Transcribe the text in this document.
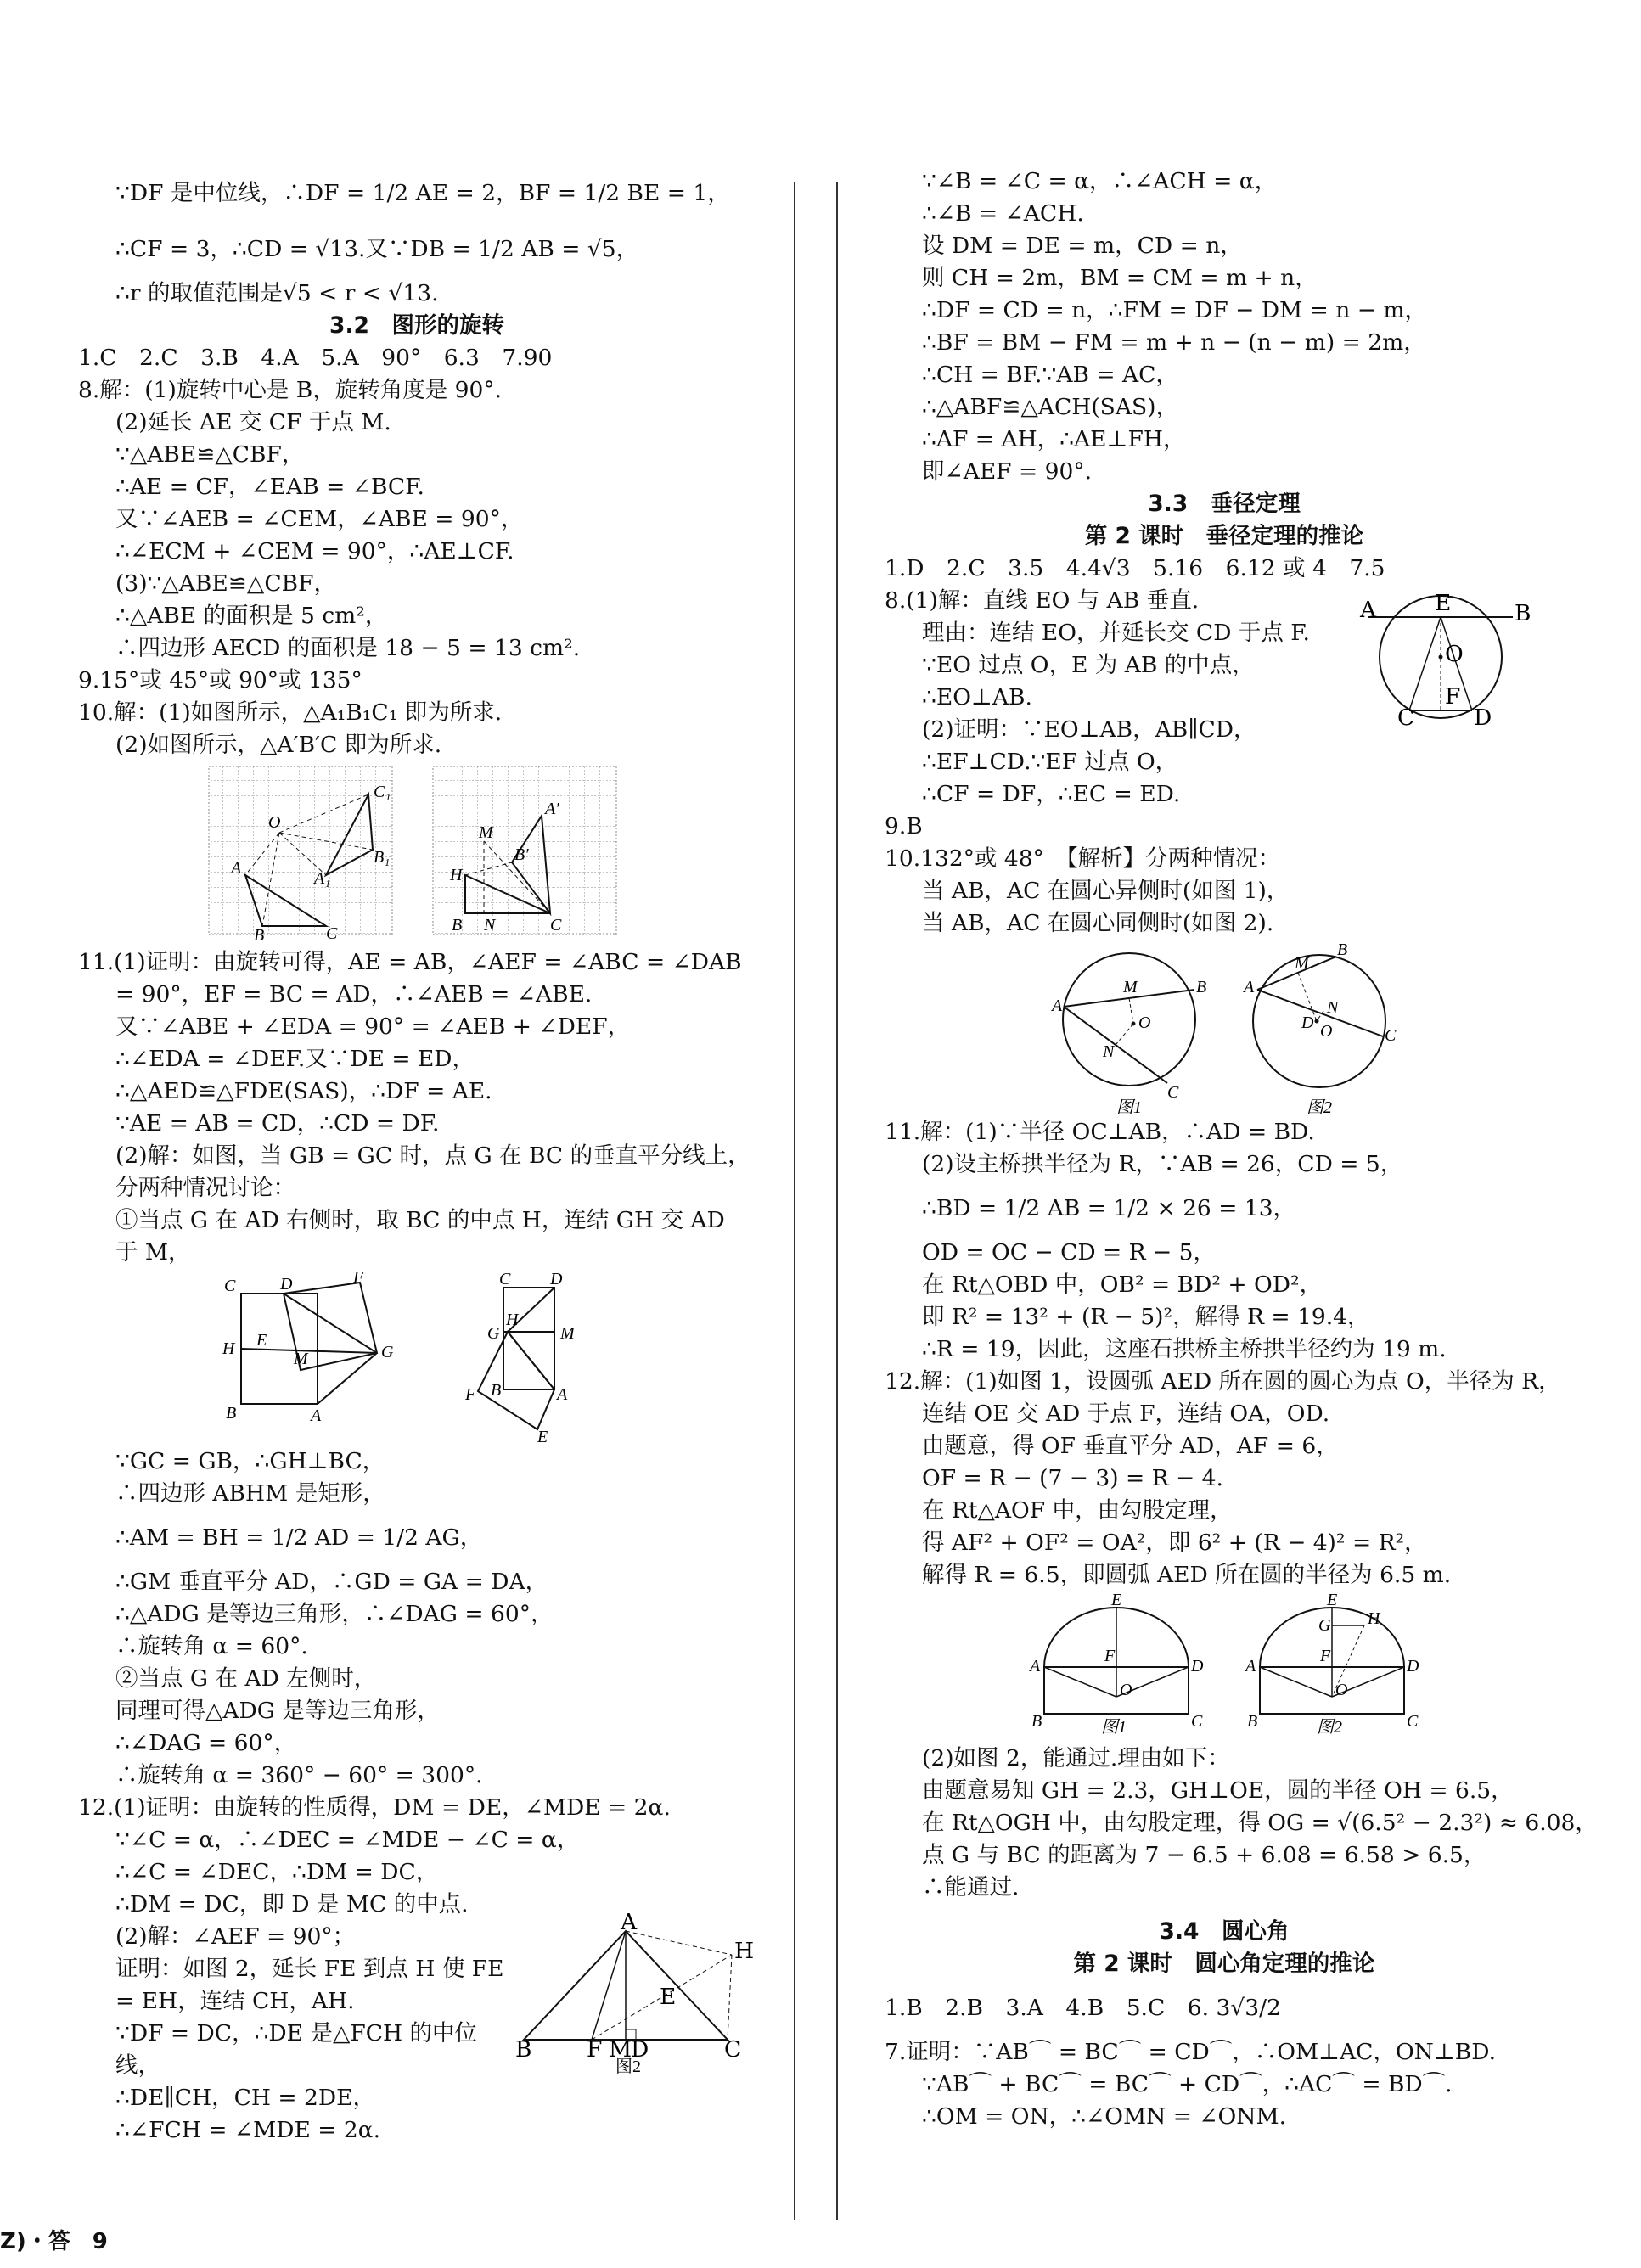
∵DF 是中位线，∴DF = 1/2 AE = 2，BF = 1/2 BE = 1，
∴CF = 3，∴CD = √13.又∵DB = 1/2 AB = √5，
∴r 的取值范围是√5 < r < √13.
3.2　图形的旋转
1.C　2.C　3.B　4.A　5.A　90°　6.3　7.90
8.解：(1)旋转中心是 B，旋转角度是 90°.
(2)延长 AE 交 CF 于点 M.
∵△ABE≌△CBF，
∴AE = CF，∠EAB = ∠BCF.
又∵∠AEB = ∠CEM，∠ABE = 90°，
∴∠ECM + ∠CEM = 90°，∴AE⊥CF.
(3)∵△ABE≌△CBF，
∴△ABE 的面积是 5 cm²，
∴四边形 AECD 的面积是 18 − 5 = 13 cm².
9.15°或 45°或 90°或 135°
10.解：(1)如图所示，△A₁B₁C₁ 即为所求.
(2)如图所示，△A′B′C 即为所求.
O
A
B	C
C₁
B₁
A₁
M
H
B N	C
A′
B′
11.(1)证明：由旋转可得，AE = AB，∠AEF = ∠ABC = ∠DAB
= 90°，EF = BC = AD，∴∠AEB = ∠ABE.
又∵∠ABE + ∠EDA = 90° = ∠AEB + ∠DEF，
∴∠EDA = ∠DEF.又∵DE = ED，
∴△AED≌△FDE(SAS)，∴DF = AE.
∵AE = AB = CD，∴CD = DF.
(2)解：如图，当 GB = GC 时，点 G 在 BC 的垂直平分线上，
分两种情况讨论：
①当点 G 在 AD 右侧时，取 BC 的中点 H，连结 GH 交 AD
于 M，
C	D	F
H E
M	G
B	A
C D
H
G	M
F B	A
E
∵GC = GB，∴GH⊥BC，
∴四边形 ABHM 是矩形，
∴AM = BH = 1/2 AD = 1/2 AG，
∴GM 垂直平分 AD，∴GD = GA = DA，
∴△ADG 是等边三角形，∴∠DAG = 60°，
∴旋转角 α = 60°.
②当点 G 在 AD 左侧时，
同理可得△ADG 是等边三角形，
∴∠DAG = 60°，
∴旋转角 α = 360° − 60° = 300°.
12.(1)证明：由旋转的性质得，DM = DE，∠MDE = 2α.
∵∠C = α，∴∠DEC = ∠MDE − ∠C = α，
∴∠C = ∠DEC，∴DM = DC，
∴DM = DC，即 D 是 MC 的中点.
(2)解：∠AEF = 90°；
证明：如图 2，延长 FE 到点 H 使 FE
= EH，连结 CH，AH.
∵DF = DC，∴DE 是△FCH 的中位
线，
A
H
E
B F M
D	C
图2
∴DE∥CH，CH = 2DE，
∴∠FCH = ∠MDE = 2α.
∵∠B = ∠C = α，∴∠ACH = α，
∴∠B = ∠ACH.
设 DM = DE = m，CD = n，
则 CH = 2m，BM = CM = m + n，
∴DF = CD = n，∴FM = DF − DM = n − m，
∴BF = BM − FM = m + n − (n − m) = 2m，
∴CH = BF.∵AB = AC，
∴△ABF≌△ACH(SAS)，
∴AF = AH，∴AE⊥FH，
即∠AEF = 90°.
3.3　垂径定理
第 2 课时　垂径定理的推论
1.D　2.C　3.5　4.4√3　5.16　6.12 或 4　7.5
8.(1)解：直线 EO 与 AB 垂直.
理由：连结 EO，并延长交 CD 于点 F.
∵EO 过点 O，E 为 AB 的中点，
∴EO⊥AB.
(2)证明：∵EO⊥AB，AB∥CD，
∴EF⊥CD.∵EF 过点 O，
∴CF = DF，∴EC = ED.
A	E	B
O
F
C	D
9.B
10.132°或 48°　【解析】分两种情况：
当 AB，AC 在圆心异侧时(如图 1)，
当 AB，AC 在圆心同侧时(如图 2).
A
M
O
N
B
C
图1
A
M
B
N
D O	C
图2
11.解：(1)∵半径 OC⊥AB，∴AD = BD.
(2)设主桥拱半径为 R，∵AB = 26，CD = 5，
∴BD = 1/2 AB = 1/2 × 26 = 13，
OD = OC − CD = R − 5，
在 Rt△OBD 中，OB² = BD² + OD²，
即 R² = 13² + (R − 5)²，解得 R = 19.4，
∴R = 19，因此，这座石拱桥主桥拱半径约为 19 m.
12.解：(1)如图 1，设圆弧 AED 所在圆的圆心为点 O，半径为 R，
连结 OE 交 AD 于点 F，连结 OA，OD.
由题意，得 OF 垂直平分 AD，AF = 6，
OF = R − (7 − 3) = R − 4.
在 Rt△AOF 中，由勾股定理，
得 AF² + OF² = OA²，即 6² + (R − 4)² = R²，
解得 R = 6.5，即圆弧 AED 所在圆的半径为 6.5 m.
E
A	D
F
O
B	C
图1
E
G H
A	D
F
O
B	C
图2
(2)如图 2，能通过.理由如下：
由题意易知 GH = 2.3，GH⊥OE，圆的半径 OH = 6.5，
在 Rt△OGH 中，由勾股定理，得 OG = √(6.5² − 2.3²) ≈ 6.08，
点 G 与 BC 的距离为 7 − 6.5 + 6.08 = 6.58 > 6.5，
∴能通过.
3.4　圆心角
第 2 课时　圆心角定理的推论
1.B　2.B　3.A　4.B　5.C　6. 3√3/2
7.证明：∵AB⌒ = BC⌒ = CD⌒，∴OM⊥AC，ON⊥BD.
∵AB⌒ + BC⌒ = BC⌒ + CD⌒，∴AC⌒ = BD⌒.
∴OM = ON，∴∠OMN = ∠ONM.
Z)・答　9
